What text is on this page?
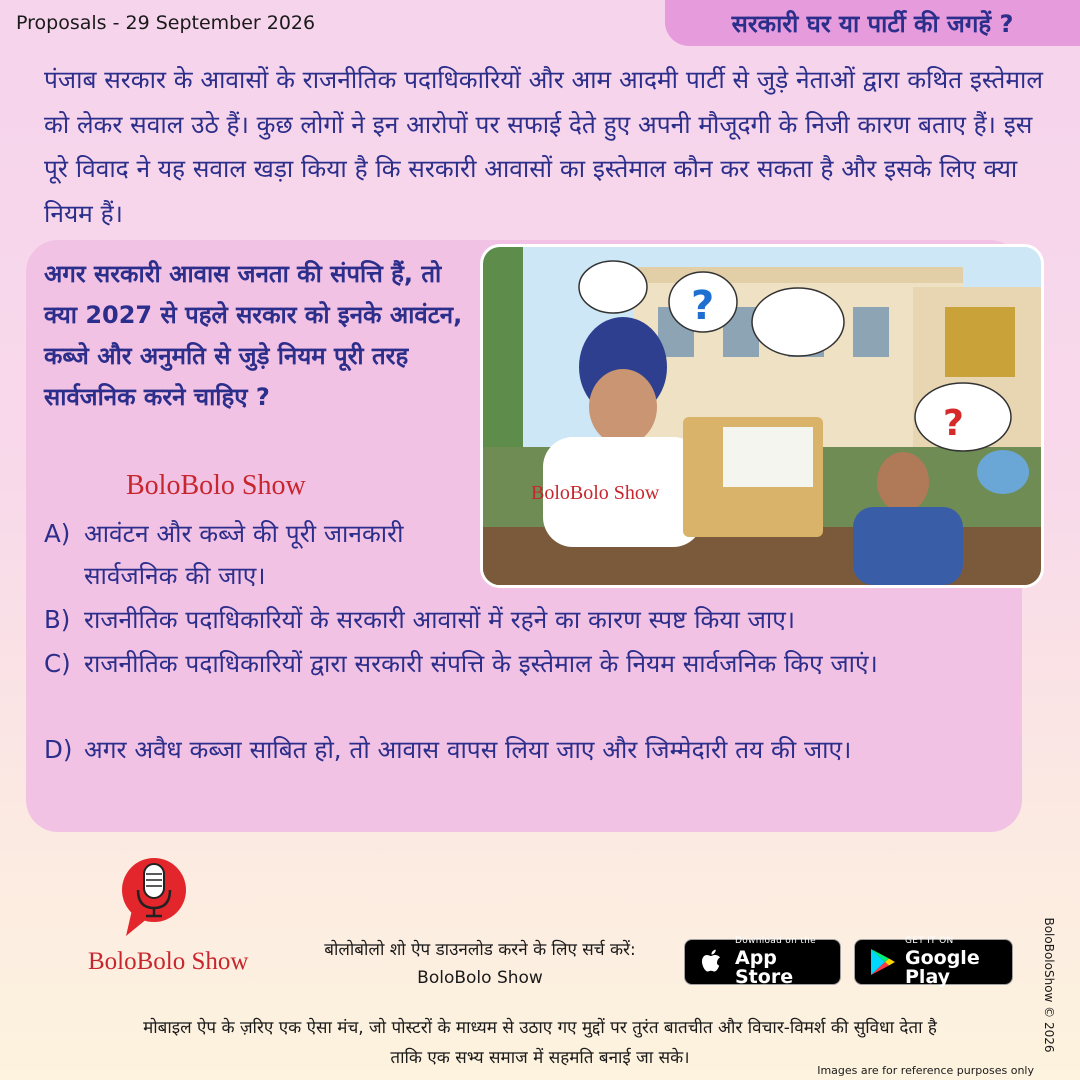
Proposals - 29 September 2026	सरकारी घर या पार्टी की जगहें ?
पंजाब सरकार के आवासों के राजनीतिक पदाधिकारियों और आम आदमी पार्टी से जुड़े नेताओं द्वारा कथित इस्तेमाल को लेकर सवाल उठे हैं। कुछ लोगों ने इन आरोपों पर सफाई देते हुए अपनी मौजूदगी के निजी कारण बताए हैं। इस पूरे विवाद ने यह सवाल खड़ा किया है कि सरकारी आवासों का इस्तेमाल कौन कर सकता है और इसके लिए क्या नियम हैं।
अगर सरकारी आवास जनता की संपत्ति हैं, तो क्या 2027 से पहले सरकार को इनके आवंटन, कब्जे और अनुमति से जुड़े नियम पूरी तरह सार्वजनिक करने चाहिए ?
BoloBolo Show
?
?
BoloBolo Show
A) आवंटन और कब्जे की पूरी जानकारी सार्वजनिक की जाए।
B) राजनीतिक पदाधिकारियों के सरकारी आवासों में रहने का कारण स्पष्ट किया जाए।
C) राजनीतिक पदाधिकारियों द्वारा सरकारी संपत्ति के इस्तेमाल के नियम सार्वजनिक किए जाएं।
D) अगर अवैध कब्जा साबित हो, तो आवास वापस लिया जाए और जिम्मेदारी तय की जाए।
BoloBolo Show	बोलोबोलो शो ऐप डाउनलोड करने के लिए सर्च करें:
BoloBolo Show
Download on the
App Store
GET IT ON
Google Play
मोबाइल ऐप के ज़रिए एक ऐसा मंच, जो पोस्टरों के माध्यम से उठाए गए मुद्दों पर तुरंत बातचीत और विचार-विमर्श की सुविधा देता है
ताकि एक सभ्य समाज में सहमति बनाई जा सके।
BoloBoloShow © 2026
Images are for reference purposes only
